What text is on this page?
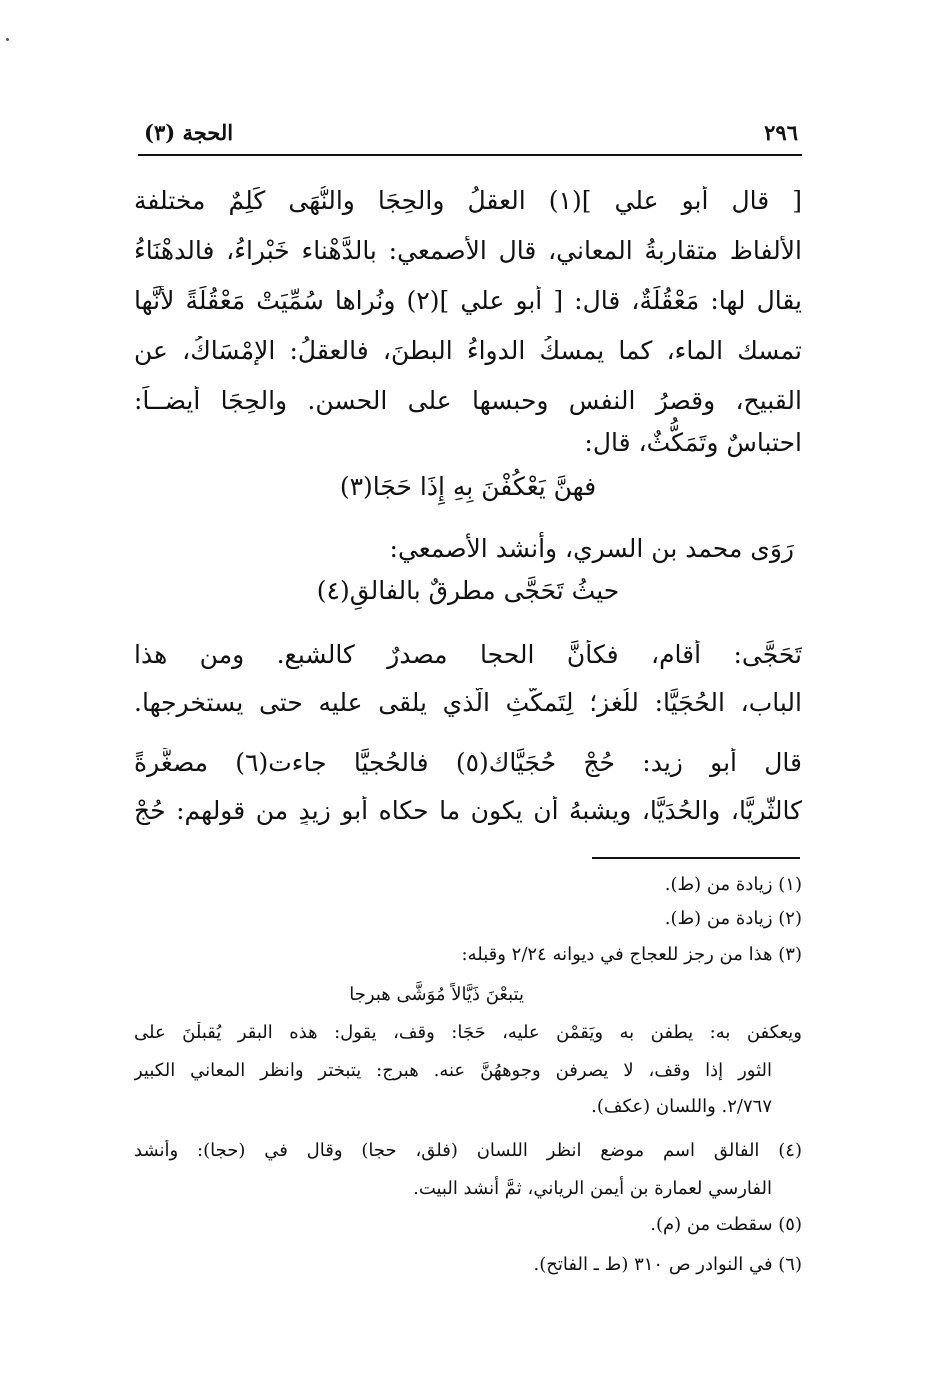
٢٩٦
الحجة (٣)
[ قال أبو علي ](١) العقلُ والحِجَا والنُّهَى كَلِمٌ مختلفة
الألفاظ متقاربةُ المعاني، قال الأصمعي: بالدَّهْناء خَبْراءُ، فالدهْنَاءُ
يقال لها: مَعْقُلَةٌ، قال: [ أبو علي ](٢) ونُراها سُمِّيَتْ مَعْقُلَةً لأنَّها
تمسك الماء، كما يمسكُ الدواءُ البطنَ، فالعقلُ: الإِمْسَاكُ، عن
القبيح، وقصرُ النفس وحبسها على الحسنِ. والحِجَا أيضــاً:
احتباسٌ وتَمَكُّثٌ، قال:
فهنَّ يَعْكُفْنَ بِهِ إِذَا حَجَا(٣)
رَوَى محمد بن السري، وأنشد الأصمعي:
حيثُ تَحَجَّى مطرقٌ بالفالقِ(٤)
تَحَجَّى: أقام، فكأنَّ الحجا مصدرٌ كالشبع. ومن هذا
الباب، الحُجَيَّا: للُغزِ؛ لِتَمكُّثِ الَّذي يلقى عليه حتى يستخرجها.
قال أبو زيد: حُجْ حُجَيَّاك(٥) فالحُجيَّا جاءت(٦) مصغَّرةً
كالثُّريَّا، والحُدَيَّا، ويشبهُ أن يكون ما حكاه أبو زيدٍ من قولهم: حُجْ
(١) زيادة من (ط).
(٢) زيادة من (ط).
(٣) هذا من رجز للعجاج في ديوانه ٢/٢٤ وقبله:
يتبعْنَ ذَيَّالاً مُوَشَّى هبرجا
ويعكفن به: يطفن به ويَقمْن عليه، حَجَا: وقف، يقول: هذه البقر يُقبلْنَ على
الثور إذا وقف، لا يصرفن وجوههُنَّ عنه. هبرج: يتبختر وانظر المعاني الكبير
٢/٧٦٧. واللسان (عكف).
(٤) الفالق اسم موضع انظر اللسان (فلق، حجا) وقال في (حجا): وأنشد
الفارسي لعمارة بن أيمن الرياني، ثمَّ أنشد البيت.
(٥) سقطت من (م).
(٦) في النوادر ص ٣١٠ (ط ـ الفاتح).
